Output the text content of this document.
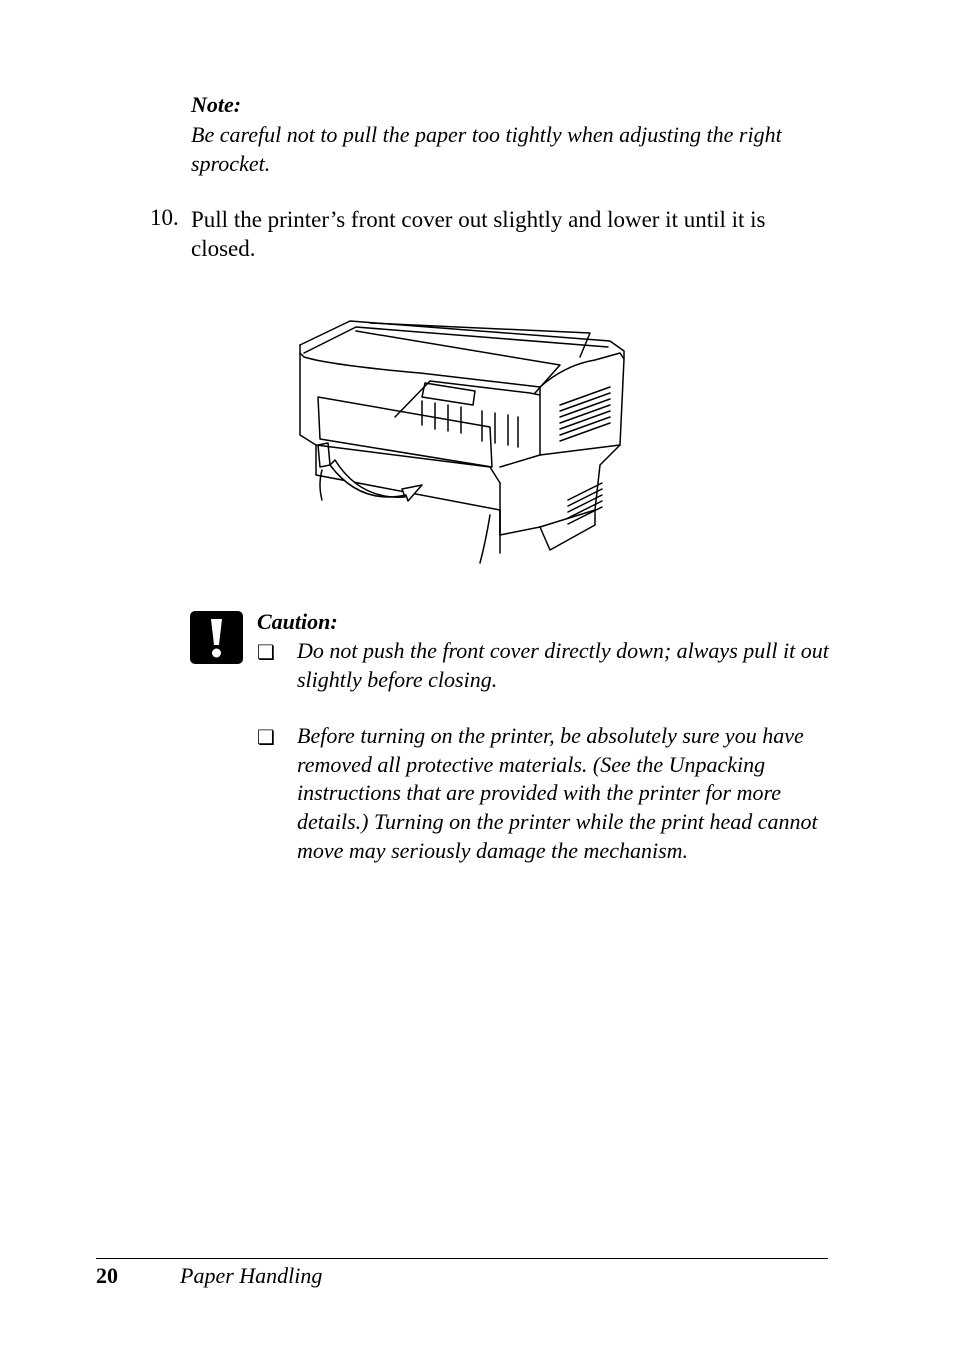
Note:
Be careful not to pull the paper too tightly when adjusting the right sprocket.
10. Pull the printer’s front cover out slightly and lower it until it is closed.
Caution:
❏ Do not push the front cover directly down; always pull it out slightly before closing.
❏ Before turning on the printer, be absolutely sure you have removed all protective materials. (See the Unpacking instructions that are provided with the printer for more details.) Turning on the printer while the print head cannot move may seriously damage the mechanism.
20	Paper Handling
